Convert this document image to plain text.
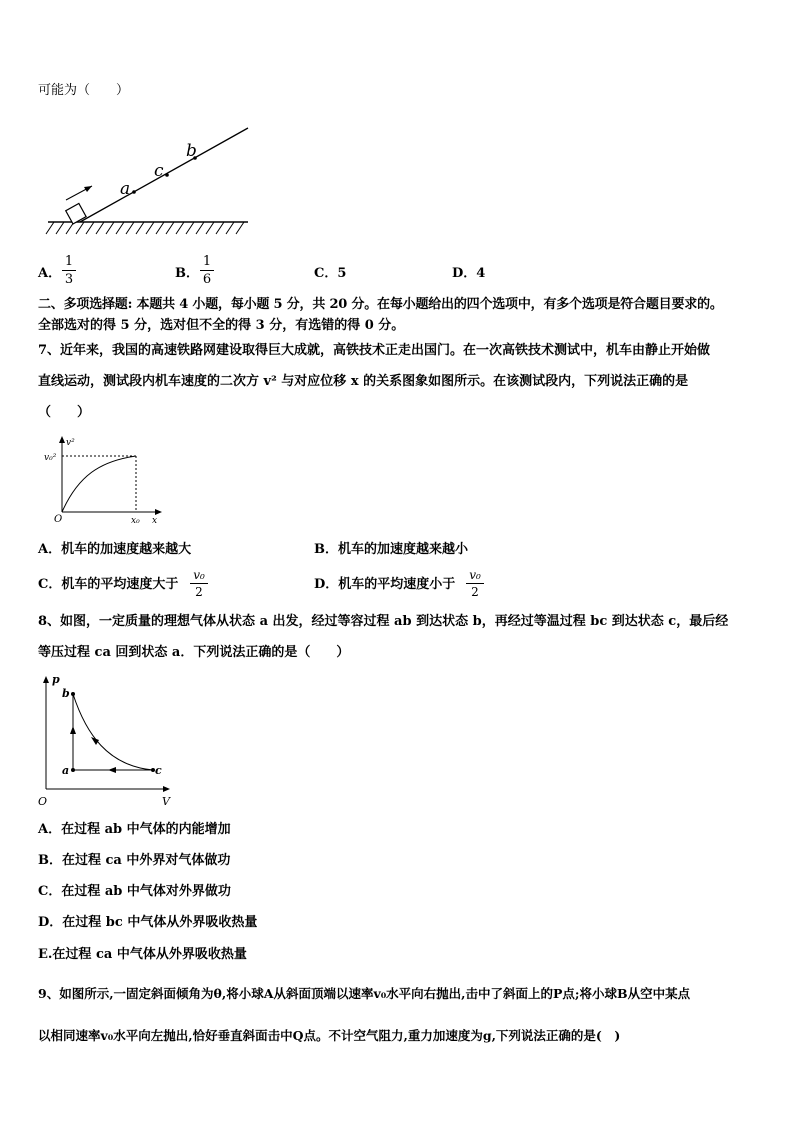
可能为（　　）
a
c
b
A．
1
3	B．
1
6	C．5	D．4
二、多项选择题: 本题共 4 小题，每小题 5 分，共 20 分。在每小题给出的四个选项中，有多个选项是符合题目要求的。
全部选对的得 5 分，选对但不全的得 3 分，有选错的得 0 分。
7、近年来，我国的高速铁路网建设取得巨大成就，高铁技术正走出国门。在一次高铁技术测试中，机车由静止开始做
直线运动，测试段内机车速度的二次方 v² 与对应位移 x 的关系图象如图所示。在该测试段内，下列说法正确的是
（　　）
v²
v₀²
O	x₀ x
A．机车的加速度越来越大	B．机车的加速度越来越小
C．机车的平均速度大于
v₀
2	D．机车的平均速度小于
v₀
2
8、如图，一定质量的理想气体从状态 a 出发，经过等容过程 ab 到达状态 b，再经过等温过程 bc 到达状态 c，最后经
等压过程 ca 回到状态 a．下列说法正确的是（　　）
p
V
O
b
a	c
A．在过程 ab 中气体的内能增加
B．在过程 ca 中外界对气体做功
C．在过程 ab 中气体对外界做功
D．在过程 bc 中气体从外界吸收热量
E.在过程 ca 中气体从外界吸收热量
9、如图所示,一固定斜面倾角为θ,将小球A从斜面顶端以速率v₀水平向右抛出,击中了斜面上的P点;将小球B从空中某点
以相同速率v₀水平向左抛出,恰好垂直斜面击中Q点。不计空气阻力,重力加速度为g,下列说法正确的是(　)
